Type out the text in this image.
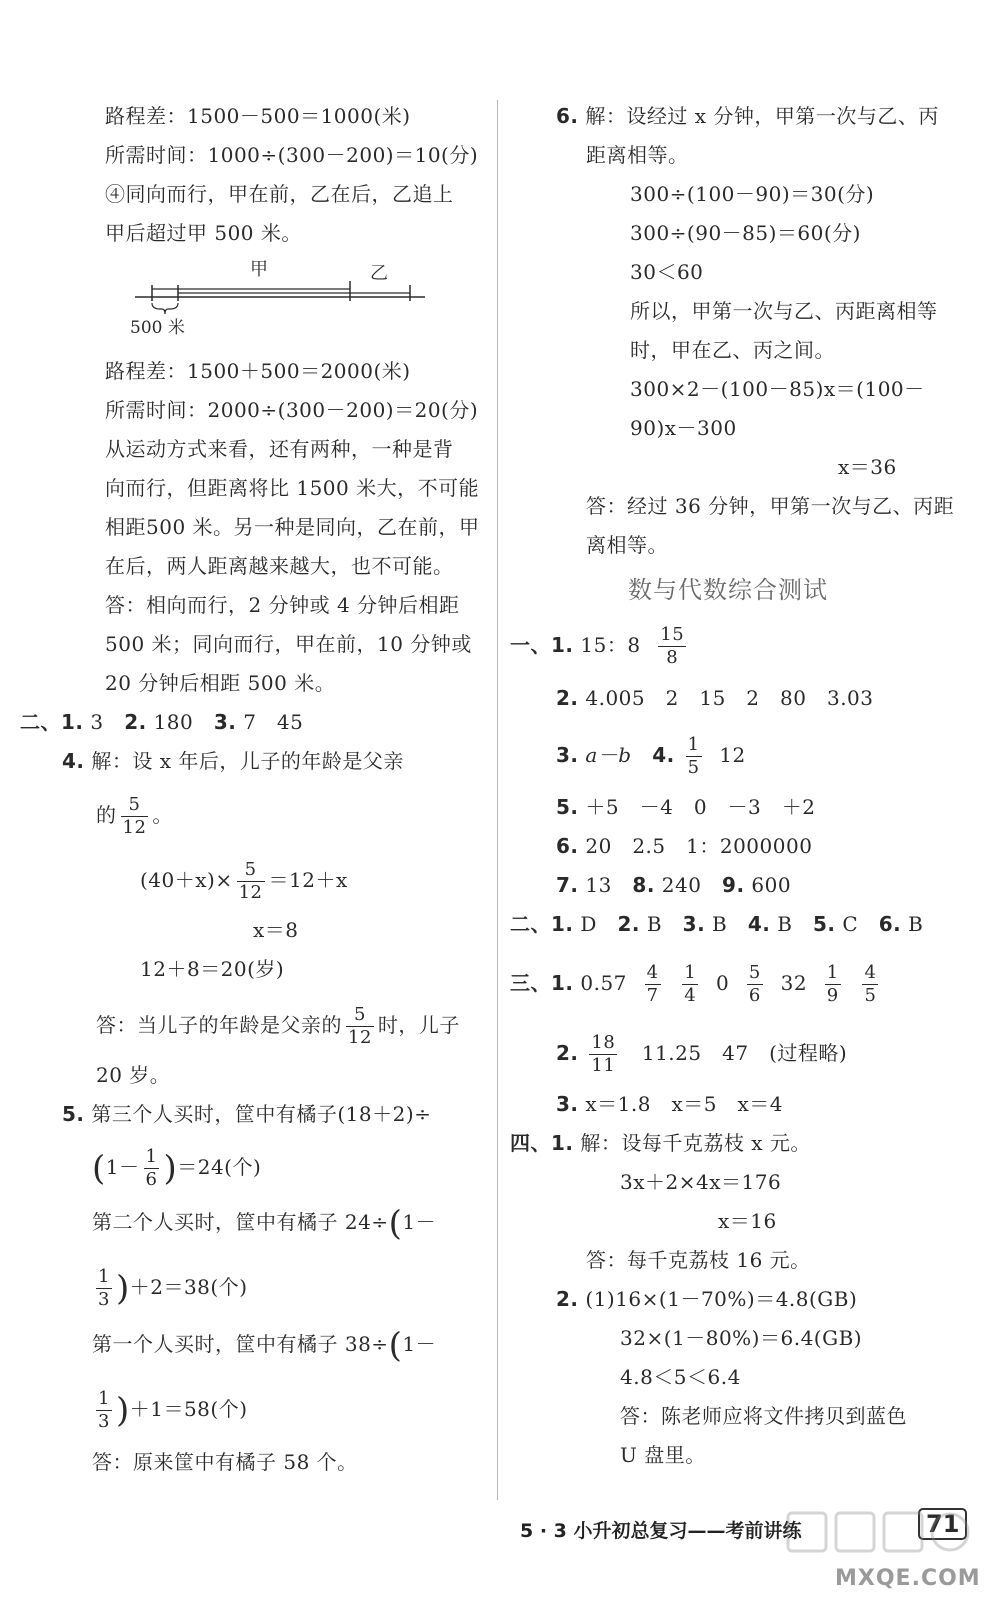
路程差：1500－500＝1000(米)
所需时间：1000÷(300－200)＝10(分)
④同向而行，甲在前，乙在后，乙追上
甲后超过甲 500 米。
甲	乙
500 米
路程差：1500＋500＝2000(米)
所需时间：2000÷(300－200)＝20(分)
从运动方式来看，还有两种，一种是背
向而行，但距离将比 1500 米大，不可能
相距500 米。另一种是同向，乙在前，甲
在后，两人距离越来越大，也不可能。
答：相向而行，2 分钟或 4 分钟后相距
500 米；同向而行，甲在前，10 分钟或
20 分钟后相距 500 米。
二、1. 3 2. 180 3. 7　45
4. 解：设 x 年后，儿子的年龄是父亲
的 $\frac{5}{12}$ 。
$(40+x)\times \frac{5}{12} =12+x$
x＝8
12＋8＝20(岁)
答：当儿子的年龄是父亲的 $\frac{5}{12}$ 时，儿子
20 岁。
5. 第三个人买时，筐中有橘子(18＋2)÷
$(1- \frac{1}{6} )=24$(个)
第二个人买时，筐中有橘子 24÷(1－
$\frac{1}{3} )+2=38$(个)
第一个人买时，筐中有橘子 38÷(1－
$\frac{1}{3} )+1=58$(个)
答：原来筐中有橘子 58 个。
6. 解：设经过 x 分钟，甲第一次与乙、丙
距离相等。
300÷(100－90)＝30(分)
300÷(90－85)＝60(分)
30＜60
所以，甲第一次与乙、丙距离相等
时，甲在乙、丙之间。
300×2－(100－85)x＝(100－
90)x－300
x＝36
答：经过 36 分钟，甲第一次与乙、丙距
离相等。
数与代数综合测试
一、1. 15：$8 \frac{15}{8}$
2. 4.005　2　15　2　80　3.03
3. a－b 4. $\frac{1}{5} 12$
5. ＋5　－4　0　－3　＋2
6. 20　2.5　1：2000000
7. 13 8. 240 9. 600
二、1. D 2. B 3. B 4. B 5. C 6. B
三、1. $0.57 \frac{4}{7}$
$\frac{1}{4} 0 \frac{5}{6} 32 \frac{1}{9}$
$\frac{4}{5}$
2. $\frac{18}{11} 11.25$　47　(过程略)
3. x＝1.8　x＝5　x＝4
四、1. 解：设每千克荔枝 x 元。
3x＋2×4x＝176
x＝16
答：每千克荔枝 16 元。
2. (1)16×(1－70%)＝4.8(GB)
32×(1－80%)＝6.4(GB)
4.8＜5＜6.4
答：陈老师应将文件拷贝到蓝色
U 盘里。
5 · 3 小升初总复习——考前讲练	71
MXQE.COM
